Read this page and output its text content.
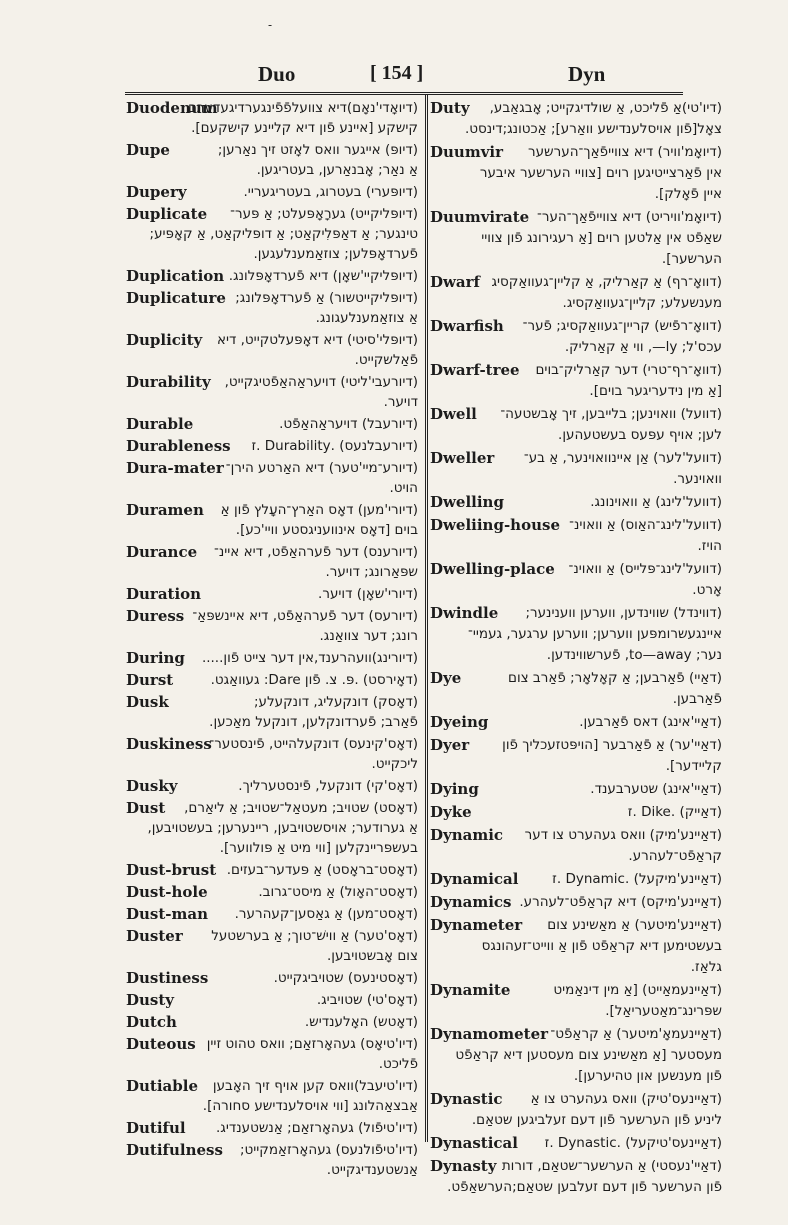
-
Duo	[ 154 ]	Dyn
Duodenum
(דיואָדי'נאָם)דיא צוועלפֿפֿינגערדיגעדערם
קישקע [איינע פֿון דיא קליינע קישקעם].
Dupe	(דיופּ) אייגער וואס לאָזט זיך נאַרען;
אַ נאַר; אָבנאַרען, בעטריגען.
Dupery	(דיופּערי) בעטרוג, בעטריגעריי.
Duplicate	(דיופּליקייט) גערָאָפּעלט; אַ פּער־
טינגער; אַ דאַפּלִיקאַט; אַ דופּליקאַט, אַ קאָפּיע;
פֿערדאָפּלען; צוזאַמענלעגען.
Duplication (דיופּליקיי'שאָן) דיא פֿערדאָפּלונג.
Duplicature (דיופּליקייטשור) אַ פֿערדאָפּלונג;
אַ צוזאַמענלעגונג.
Duplicity	(דיופּלי'סיטי) דיא דאָפּעלטקייט, דיא
פֿאַלשקייט.
Durability	(דיורעבי'ליטי) דויעראַהאַפֿטיגקייט,
דויער.
Durable	(דיורעבל) דויעראַהאַפֿט.
Durableness	(דיורעבלנעס) .Durability .ז
Dura-mater (דיורע־מיי'טער) דיא האַרטע הירן־
הויט.
Duramen	(דיורי'מען) דאָס האַרץ־העָלץ פֿון אַ
בוים [דאָס אינוועניגסטע וויי'כע].
Durance	(דיורענס) דער פֿערהאַפֿט, דיא איינ־
שפּאַרונג; דויער.
Duration	(דיורי'שאָן) דויער.
Duress (דיורעס) דער פֿערהאַפֿט, דיא איינשפּאַ־
רונג; דער צוואַנג.
During	(דיורינג)וועהרענד,אין דער צייט פֿון.....
Durst	(דאָירסט) .פּ. צ. פֿון Dare: געוואַגט.
Dusk	(דאָסק) דונקעליג, דונקעלע;
פֿאַרב; פֿערדונקלען, דונקעל מאַכען.
Duskiness
(דאָס'קינעס) דונקעלהייט, פֿינסטער־
ליכקייט.
Dusky	(דאָס'קי) דונקעל, פֿינסטערליך.
Dust	(דאָסט) שטויב; מעטאַל־שטויב; אַ ליאַרם,
אַ גערודער; אויסשטויבען, ריינערען; בעשטויבען,
בעשפּריינקלען [ווי מיט אַ פּולווער].
Dust-brust (דאָסט־בראָסט) אַ פּעדער־בעזים.
Dust-hole	(דאָסט־האָול) אַ מיסט־גרוב.
Dust-man	(דאָסט־מען) אַ גאַסען־קעהרער.
Duster	(דאָס'טער) אַ ווישׁ־טוך; אַ בערשטעל
צום אָבשטויבען.
Dustiness	(דאָסטינעס) שטויביגקייט.
Dusty	(דאָס'טי) שטויביג.
Dutch	(דאָטש) האָלענדיש.
Duteous (דיו'טיאָס) געהאָרזאַם; וואס טהוט זיין
פֿליכט.
Dutiable	(דיו'טיעבל)וואס קען אויף זיך האָבען
אַבצאַהלונג [ווי אויסלענדישע סחורה].
Dutiful	(דיו'טיפֿול) געהאָרזאַם; אַנשטענדיג.
Dutifulness	(דיו'טיפֿולנעס) געהאָרזאַמקייט;
אַנשטענדיגקייט.
Duty	(דיו'טי)אַ פֿליכט, אַ שולדיגקייט; אָבגאַבע,
צאָל[פֿון אויסלענדישע וואַרע]; אַכטונג;דינסט.
Duumvir	(דיואָמ'וויר) דיא צווייפֿאַך־הערשער
אין פֿאַרצייטיגען רוים [צוויי הערשער איבער
איין פֿאָלק].
Duumvirate (דיואָמ'וויריט) דיא צווייפֿאַך־הער־
שאַפֿט אין אַלטען רוים [אַ רעגירונג פֿון צוויי
הערשער].
Dwarf (דוואָ־רף) אַ קאַרליק, אַ קליין־געוואַקסיג
מענשעלע; קליין־געוואַקסיג.
Dwarfish	(דוואָ־רפֿיש) קריין־געוואַקסיג; פֿער־
עכס'ל; ly—, ווי אַ קאַרליק.
Dwarf-tree	(דוואָ־רף־טרי) דער קאַרליק־בוים
[אַ מין נידעריגער בוים].
Dwell	(דוועל) וואוינען; בלייבען, זיך אָבשטעה־
לען; אויף עפּעס בעשטעהען.
Dweller	(דוועל'לער) אַן איינוואוינער, אַ בע־
וואוינער.
Dwelling	(דוועל'לינג) אַ וואוינונג.
Dweliing-house (דוועל'לינג־האַוס) אַ וואוינ־
הויז.
Dwelling-place	(דוועל'לינג־פּלייס) אַ וואוינ־
אָרט.
Dwindle	(דווינדל) שווינדען, ווערען ווענינער;
איינגעשרומפּען ווערען; ווערען ערגער, געמיי־
נער; to—away, פֿערשווינדען.
Dye	(דאַיי) פֿאַרבען; אַ קאָלאָר; פֿאַרב צום
פֿאַרבען.
Dyeing	(דאַיי'אינג) דאס פֿאַרבען.
Dyer	(דאַיי'ער) אַ פֿאַרבער [הויפּטזעכליך פֿון
קליידער].
Dying	(דאַיי'אינג) שטערבענד.
Dyke	(דאַייק) .Dike .ז
Dynamic	(דאַיינע'מיק) וואס געהערט צו דער
קראַפֿט־לעהרע.
Dynamical	(דאַיינע'מיקעל) .Dynamic .ז
Dynamics (דאַיינע'מיקס) דיא קראַפֿט־לעהרע.
Dynameter	(דאַיינע'מיטער) אַ מאַשינע צום
בעשטימען דיא קראַפֿט פֿון אַ ווייט־זעהונגס
גלאַז.
Dynamite	(דאַיינעמאַייט) [אַ מין דינאַמיט
שפּרינג־מאַטעריאַל].
Dynamometer (דאַיינעמאָ'מיטער) אַ קראַפֿט־
מעסטער [אַ מאַשינע צום מעסטען דיא קראַפֿט
פֿון מענשען און טהיערען].
Dynastic	(דאַיינעס'טיק) וואס געהערט צו אַ
ליניע פֿון הערשער פֿון דעם זעלביגען שטאַם.
Dynastical	(דאַיינעס'טיקעל) .Dynastic .ז
Dynasty (דאַיי'נעסטי) אַ הערשער־שטאַם, דורות
פֿון הערשער פֿון דעם זעלבען שטאַם;הערשאַפֿט.
